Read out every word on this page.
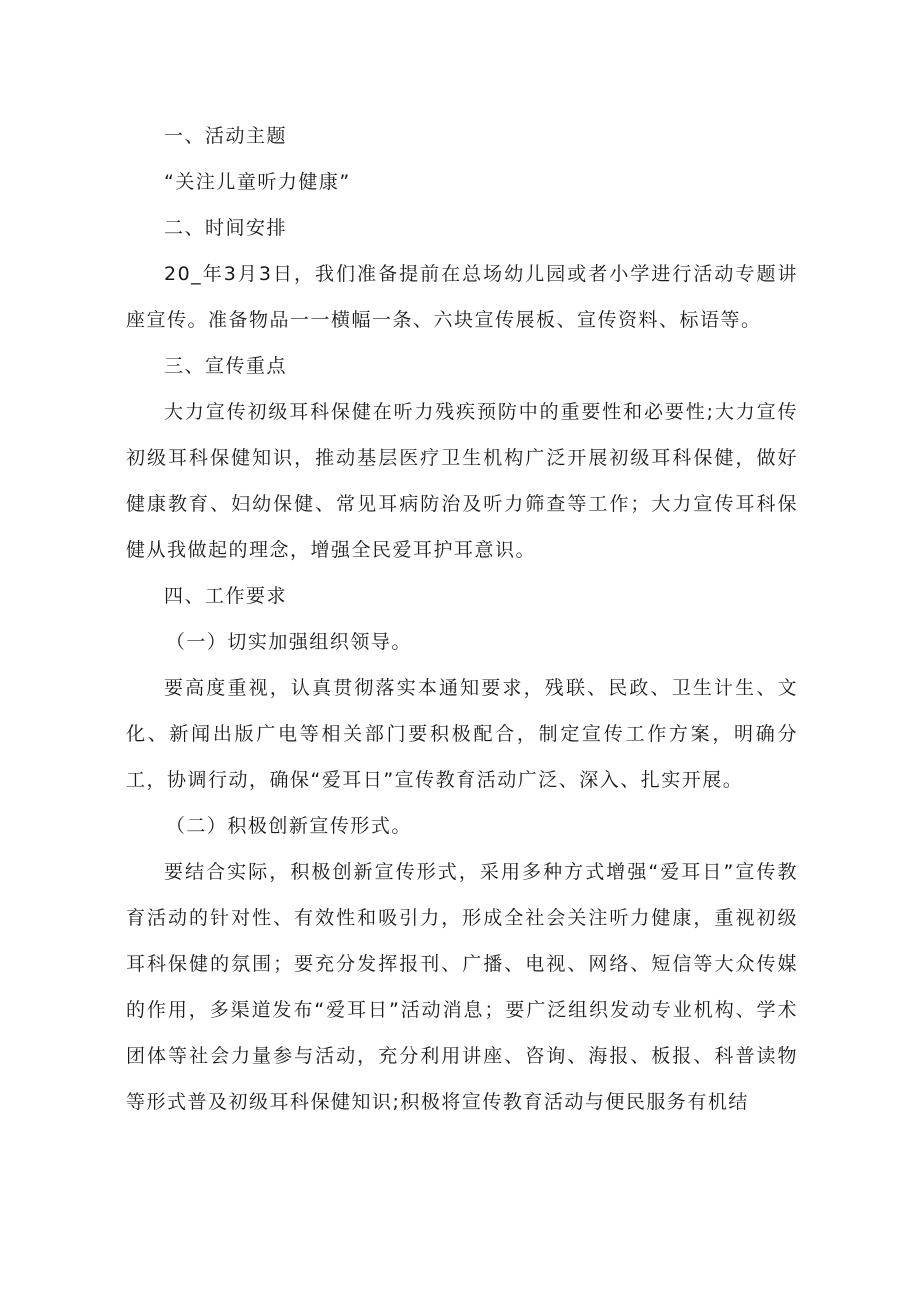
一、活动主题

“关注儿童听力健康”

二、时间安排

20_年3月3日，我们准备提前在总场幼儿园或者小学进行活动专题讲座宣传。准备物品一一横幅一条、六块宣传展板、宣传资料、标语等。

三、宣传重点

大力宣传初级耳科保健在听力残疾预防中的重要性和必要性;大力宣传初级耳科保健知识，推动基层医疗卫生机构广泛开展初级耳科保健，做好健康教育、妇幼保健、常见耳病防治及听力筛查等工作；大力宣传耳科保健从我做起的理念，增强全民爱耳护耳意识。

四、工作要求

（一）切实加强组织领导。

要高度重视，认真贯彻落实本通知要求，残联、民政、卫生计生、文化、新闻出版广电等相关部门要积极配合，制定宣传工作方案，明确分工，协调行动，确保“爱耳日”宣传教育活动广泛、深入、扎实开展。

（二）积极创新宣传形式。

要结合实际，积极创新宣传形式，采用多种方式增强“爱耳日”宣传教育活动的针对性、有效性和吸引力，形成全社会关注听力健康，重视初级耳科保健的氛围；要充分发挥报刊、广播、电视、网络、短信等大众传媒的作用，多渠道发布“爱耳日”活动消息；要广泛组织发动专业机构、学术团体等社会力量参与活动，充分利用讲座、咨询、海报、板报、科普读物等形式普及初级耳科保健知识;积极将宣传教育活动与便民服务有机结
